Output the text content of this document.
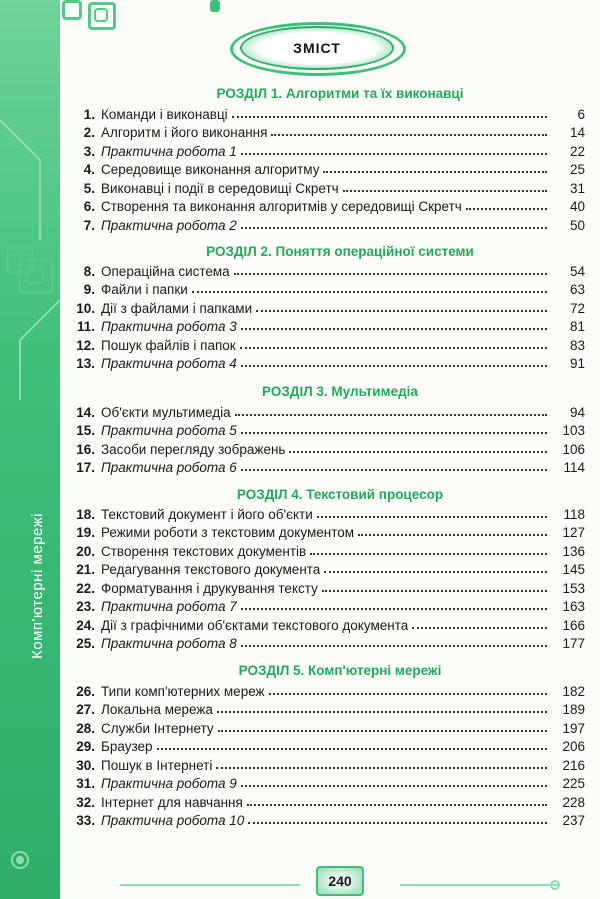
Комп'ютерні мережі
ЗМІСТ
РОЗДІЛ 1. Алгоритми та їх виконавці
1. Команди і виконавці	6
2. Алгоритм і його виконання	14
3. Практична робота 1	22
4. Середовище виконання алгоритму	25
5. Виконавці і події в середовищі Скретч	31
6. Створення та виконання алгоритмів у середовищі Скретч	40
7. Практична робота 2	50
РОЗДІЛ 2. Поняття операційної системи
8. Операційна система	54
9. Файли і папки	63
10. Дії з файлами і папками	72
11. Практична робота 3	81
12. Пошук файлів і папок	83
13. Практична робота 4	91
РОЗДІЛ 3. Мультимедіа
14. Об'єкти мультимедіа	94
15. Практична робота 5	103
16. Засоби перегляду зображень	106
17. Практична робота 6	114
РОЗДІЛ 4. Текстовий процесор
18. Текстовий документ і його об'єкти	118
19. Режими роботи з текстовим документом	127
20. Створення текстових документів	136
21. Редагування текстового документа	145
22. Форматування і друкування тексту	153
23. Практична робота 7	163
24. Дії з графічними об'єктами текстового документа	166
25. Практична робота 8	177
РОЗДІЛ 5. Комп'ютерні мережі
26. Типи комп'ютерних мереж	182
27. Локальна мережа	189
28. Служби Інтернету	197
29. Браузер	206
30. Пошук в Інтернеті	216
31. Практична робота 9	225
32. Інтернет для навчання	228
33. Практична робота 10	237
240
